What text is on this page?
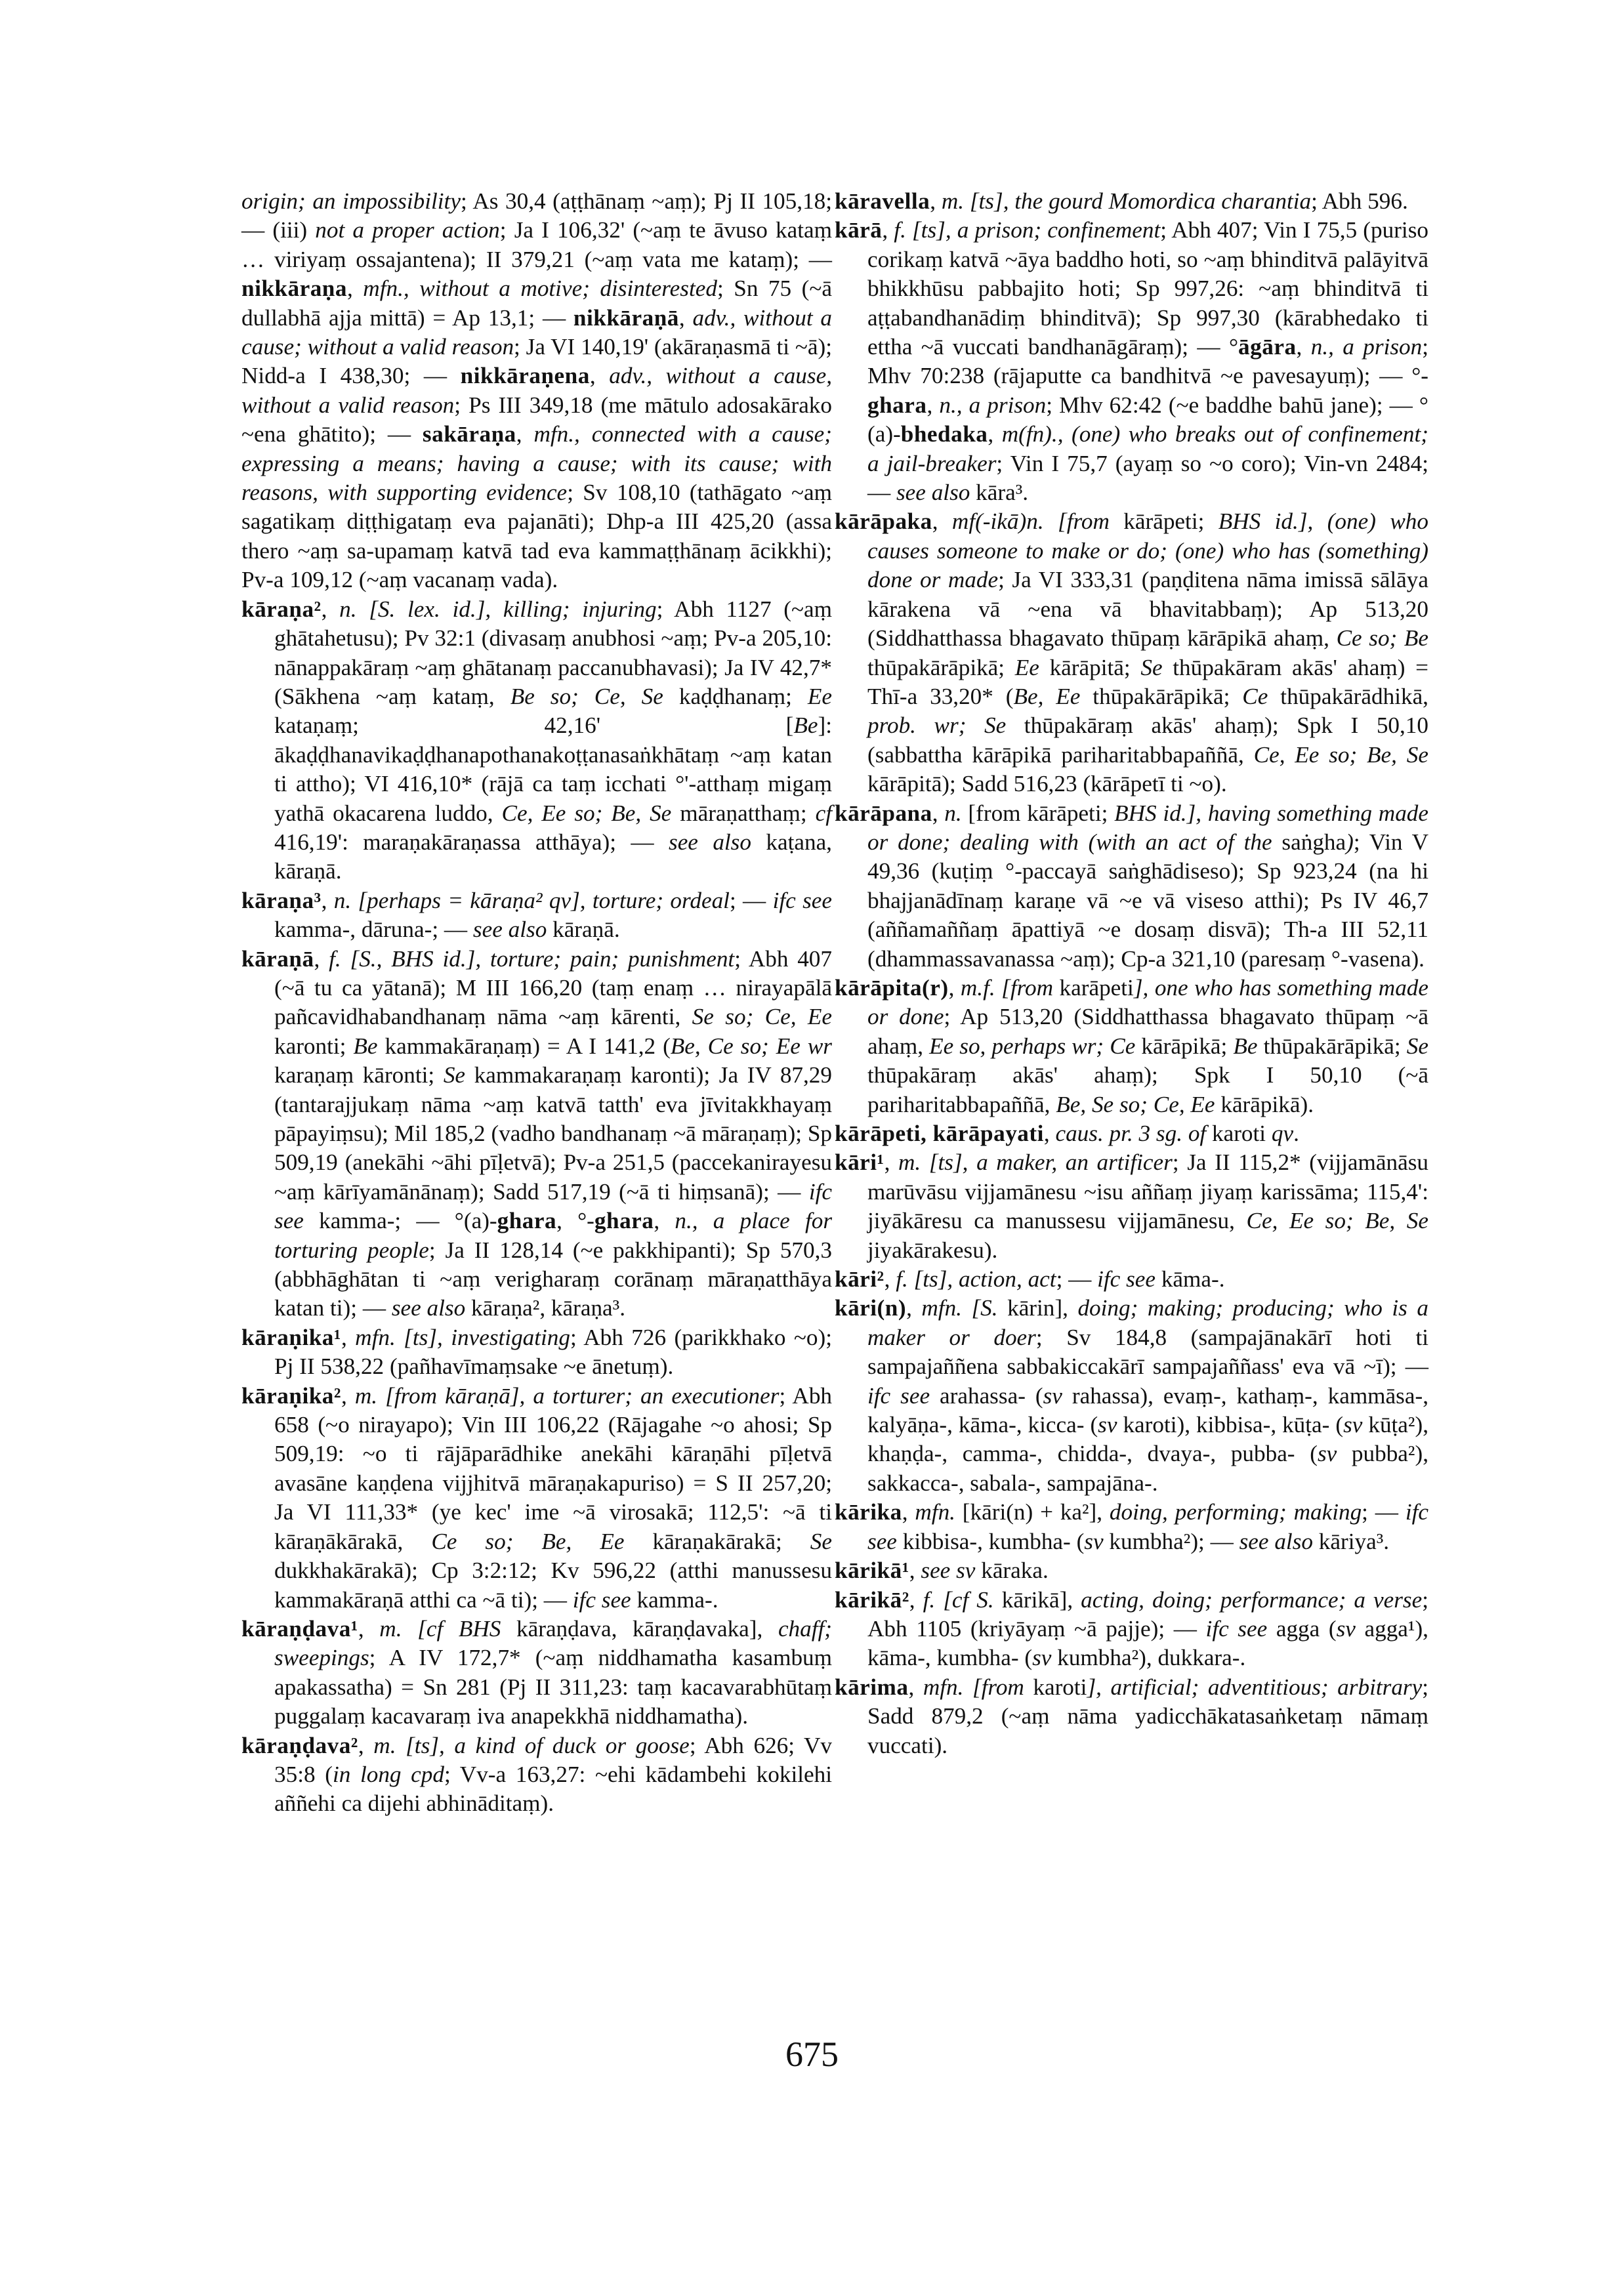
origin; an impossibility; As 30,4 (aṭṭhānaṃ ~aṃ); Pj II 105,18; — (iii) not a proper action; Ja I 106,32' (~aṃ te āvuso kataṃ … viriyaṃ ossajantena); II 379,21 (~aṃ vata me kataṃ); — nikkāraṇa, mfn., without a motive; disinterested; Sn 75 (~ā dullabhā ajja mittā) = Ap 13,1; — nikkāraṇā, adv., without a cause; without a valid reason; Ja VI 140,19' (akāraṇasmā ti ~ā); Nidd-a I 438,30; — nikkāraṇena, adv., without a cause, without a valid reason; Ps III 349,18 (me mātulo adosakārako ~ena ghātito); — sakāraṇa, mfn., connected with a cause; expressing a means; having a cause; with its cause; with reasons, with supporting evidence; Sv 108,10 (tathāgato ~aṃ sagatikaṃ diṭṭhigataṃ eva pajanāti); Dhp-a III 425,20 (assa thero ~aṃ sa-upamaṃ katvā tad eva kammaṭṭhānaṃ ācikkhi); Pv-a 109,12 (~aṃ vacanaṃ vada).

kāraṇa², n. [S. lex. id.], killing; injuring; Abh 1127 (~aṃ ghātahetusu); Pv 32:1 (divasaṃ anubhosi ~aṃ; Pv-a 205,10: nānappakāraṃ ~aṃ ghātanaṃ paccanubhavasi); Ja IV 42,7* (Sākhena ~aṃ kataṃ, Be so; Ce, Se kaḍḍhanaṃ; Ee kataṇaṃ; 42,16' [Be]: ākaḍḍhanavikaḍḍhanapothanakoṭṭanasaṅkhātaṃ ~aṃ katan ti attho); VI 416,10* (rājā ca taṃ icchati °'-atthaṃ migaṃ yathā okacarena luddo, Ce, Ee so; Be, Se māraṇatthaṃ; cf 416,19': maraṇakāraṇassa atthāya); — see also kaṭana, kāraṇā.

kāraṇa³, n. [perhaps = kāraṇa² qv], torture; ordeal; — ifc see kamma-, dāruna-; — see also kāraṇā.

kāraṇā, f. [S., BHS id.], torture; pain; punishment; Abh 407 (~ā tu ca yātanā); M III 166,20 (taṃ enaṃ … nirayapālā pañcavidhabandhanaṃ nāma ~aṃ kārenti, Se so; Ce, Ee karonti; Be kammakāraṇaṃ) = A I 141,2 (Be, Ce so; Ee wr karaṇaṃ kāronti; Se kammakaraṇaṃ karonti); Ja IV 87,29 (tantarajjukaṃ nāma ~aṃ katvā tatth' eva jīvitakkhayaṃ pāpayiṃsu); Mil 185,2 (vadho bandhanaṃ ~ā māraṇaṃ); Sp 509,19 (anekāhi ~āhi pīḷetvā); Pv-a 251,5 (paccekanirayesu ~aṃ kārīyamānānaṃ); Sadd 517,19 (~ā ti hiṃsanā); — ifc see kamma-; — °(a)-ghara, °-ghara, n., a place for torturing people; Ja II 128,14 (~e pakkhipanti); Sp 570,3 (abbhāghātan ti ~aṃ verigharaṃ corānaṃ māraṇatthāya katan ti); — see also kāraṇa², kāraṇa³.

kāraṇika¹, mfn. [ts], investigating; Abh 726 (parikkhako ~o); Pj II 538,22 (pañhavīmaṃsake ~e ānetuṃ).

kāraṇika², m. [from kāraṇā], a torturer; an executioner; Abh 658 (~o nirayapo); Vin III 106,22 (Rājagahe ~o ahosi; Sp 509,19: ~o ti rājāparādhike anekāhi kāraṇāhi pīḷetvā avasāne kaṇḍena vijjhitvā māraṇakapuriso) = S II 257,20; Ja VI 111,33* (ye kec' ime ~ā virosakā; 112,5': ~ā ti kāraṇākārakā, Ce so; Be, Ee kāraṇakārakā; Se dukkhakārakā); Cp 3:2:12; Kv 596,22 (atthi manussesu kammakāraṇā atthi ca ~ā ti); — ifc see kamma-.

kāraṇḍava¹, m. [cf BHS kāraṇḍava, kāraṇḍavaka], chaff; sweepings; A IV 172,7* (~aṃ niddhamatha kasambuṃ apakassatha) = Sn 281 (Pj II 311,23: taṃ kacavarabhūtaṃ puggalaṃ kacavaraṃ iva anapekkhā niddhamatha).

kāraṇḍava², m. [ts], a kind of duck or goose; Abh 626; Vv 35:8 (in long cpd; Vv-a 163,27: ~ehi kādambehi kokilehi aññehi ca dijehi abhināditaṃ).

kāravella, m. [ts], the gourd Momordica charantia; Abh 596.

kārā, f. [ts], a prison; confinement; Abh 407; Vin I 75,5 (puriso corikaṃ katvā ~āya baddho hoti, so ~aṃ bhinditvā palāyitvā bhikkhūsu pabbajito hoti; Sp 997,26: ~aṃ bhinditvā ti aṭṭabandhanādiṃ bhinditvā); Sp 997,30 (kārabhedako ti ettha ~ā vuccati bandhanāgāraṃ); — °āgāra, n., a prison; Mhv 70:238 (rājaputte ca bandhitvā ~e pavesayuṃ); — °-ghara, n., a prison; Mhv 62:42 (~e baddhe bahū jane); — °(a)-bhedaka, m(fn)., (one) who breaks out of confinement; a jail-breaker; Vin I 75,7 (ayaṃ so ~o coro); Vin-vn 2484; — see also kāra³.

kārāpaka, mf(-ikā)n. [from kārāpeti; BHS id.], (one) who causes someone to make or do; (one) who has (something) done or made; Ja VI 333,31 (paṇḍitena nāma imissā sālāya kārakena vā ~ena vā bhavitabbaṃ); Ap 513,20 (Siddhatthassa bhagavato thūpaṃ kārāpikā ahaṃ, Ce so; Be thūpakārāpikā; Ee kārāpitā; Se thūpakāram akās' ahaṃ) = Thī-a 33,20* (Be, Ee thūpakārāpikā; Ce thūpakārādhikā, prob. wr; Se thūpakāraṃ akās' ahaṃ); Spk I 50,10 (sabbattha kārāpikā pariharitabbapaññā, Ce, Ee so; Be, Se kārāpitā); Sadd 516,23 (kārāpetī ti ~o).

kārāpana, n. [from kārāpeti; BHS id.], having something made or done; dealing with (with an act of the saṅgha); Vin V 49,36 (kuṭiṃ °-paccayā saṅghādiseso); Sp 923,24 (na hi bhajjanādīnaṃ karaṇe vā ~e vā viseso atthi); Ps IV 46,7 (aññamaññaṃ āpattiyā ~e dosaṃ disvā); Th-a III 52,11 (dhammassavanassa ~aṃ); Cp-a 321,10 (paresaṃ °-vasena).

kārāpita(r), m.f. [from karāpeti], one who has something made or done; Ap 513,20 (Siddhatthassa bhagavato thūpaṃ ~ā ahaṃ, Ee so, perhaps wr; Ce kārāpikā; Be thūpakārāpikā; Se thūpakāraṃ akās' ahaṃ); Spk I 50,10 (~ā pariharitabbapaññā, Be, Se so; Ce, Ee kārāpikā).

kārāpeti, kārāpayati, caus. pr. 3 sg. of karoti qv.

kāri¹, m. [ts], a maker, an artificer; Ja II 115,2* (vijjamānāsu marūvāsu vijjamānesu ~isu aññaṃ jiyaṃ karissāma; 115,4': jiyākāresu ca manussesu vijjamānesu, Ce, Ee so; Be, Se jiyakārakesu).

kāri², f. [ts], action, act; — ifc see kāma-.

kāri(n), mfn. [S. kārin], doing; making; producing; who is a maker or doer; Sv 184,8 (sampajānakārī hoti ti sampajaññena sabbakiccakārī sampajaññass' eva vā ~ī); — ifc see arahassa- (sv rahassa), evaṃ-, kathaṃ-, kammāsa-, kalyāṇa-, kāma-, kicca- (sv karoti), kibbisa-, kūṭa- (sv kūṭa²), khaṇḍa-, camma-, chidda-, dvaya-, pubba- (sv pubba²), sakkacca-, sabala-, sampajāna-.

kārika, mfn. [kāri(n) + ka²], doing, performing; making; — ifc see kibbisa-, kumbha- (sv kumbha²); — see also kāriya³.

kārikā¹, see sv kāraka.

kārikā², f. [cf S. kārikā], acting, doing; performance; a verse; Abh 1105 (kriyāyaṃ ~ā pajje); — ifc see agga (sv agga¹), kāma-, kumbha- (sv kumbha²), dukkara-.

kārima, mfn. [from karoti], artificial; adventitious; arbitrary; Sadd 879,2 (~aṃ nāma yadicchākatasaṅketaṃ nāmaṃ vuccati).

675
